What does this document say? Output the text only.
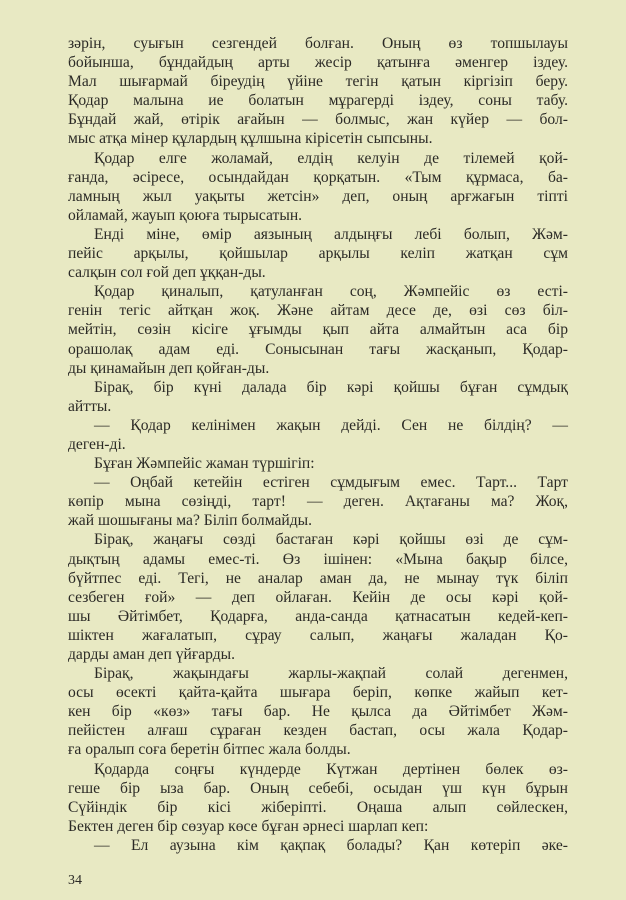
зәрін, суығын сезгендей болған. Оның өз топшылауы
бойынша, бұндайдың арты жесір қатынға әменгер іздеу.
Мал шығармай біреудің үйіне тегін қатын кіргізіп беру.
Қодар малына ие болатын мұрагерді іздеу, соны табу.
Бұндай жай, өтірік ағайын — болмыс, жан күйер — бол-
мыс атқа мінер құлардың құлшына кірісетін сыпсыны.
Қодар елге жоламай, елдің келуін де тілемей қой-
ғанда, әсіресе, осындайдан қорқатын. «Тым құрмаса, ба-
ламның жыл уақыты жетсін» деп, оның арғжағын тіпті
ойламай, жауып қоюға тырысатын.
Енді міне, өмір аязының алдыңғы лебі болып, Жәм-
пейіс арқылы, қойшылар арқылы келіп жатқан сұм
салқын сол ғой деп ұққан-ды.
Қодар қиналып, қатуланған соң, Жәмпейіс өз есті-
генін тегіс айтқан жоқ. Және айтам десе де, өзі сөз біл-
мейтін, сөзін кісіге ұғымды қып айта алмайтын аса бір
орашолақ адам еді. Сонысынан тағы жасқанып, Қодар-
ды қинамайын деп қойған-ды.
Бірақ, бір күні далада бір кәрі қойшы бұған сұмдық
айтты.
— Қодар келінімен жақын дейді. Сен не білдің? —
деген-ді.
Бұған Жәмпейіс жаман түршігіп:
— Оңбай кетейін естіген сұмдығым емес. Тарт... Тарт
көпір мына сөзіңді, тарт! — деген. Ақтағаны ма? Жоқ,
жай шошығаны ма? Біліп болмайды.
Бірақ, жаңағы сөзді бастаған кәрі қойшы өзі де сұм-
дықтың адамы емес-ті. Өз ішінен: «Мына бақыр білсе,
бүйтпес еді. Тегі, не аналар аман да, не мынау түк біліп
сезбеген ғой» — деп ойлаған. Кейін де осы кәрі қой-
шы Әйтімбет, Қодарға, анда-санда қатнасатын кедей-кеп-
шіктен жағалатып, сұрау салып, жаңағы жаладан Қо-
дарды аман деп үйғарды.
Бірақ, жақындағы жарлы-жақпай солай дегенмен,
осы өсекті қайта-қайта шығара беріп, көпке жайып кет-
кен бір «көз» тағы бар. Не қылса да Әйтімбет Жәм-
пейістен алғаш сұраған кезден бастап, осы жала Қодар-
ға оралып соға беретін бітпес жала болды.
Қодарда соңғы күндерде Күтжан дертінен бөлек өз-
геше бір ыза бар. Оның себебі, осыдан үш күн бұрын
Сүйіндік бір кісі жіберіпті. Оңаша алып сөйлескен,
Бектен деген бір сөзуар көсе бұған әрнесі шарлап кеп:
— Ел аузына кім қақпақ болады? Қан көтеріп әке-
34
